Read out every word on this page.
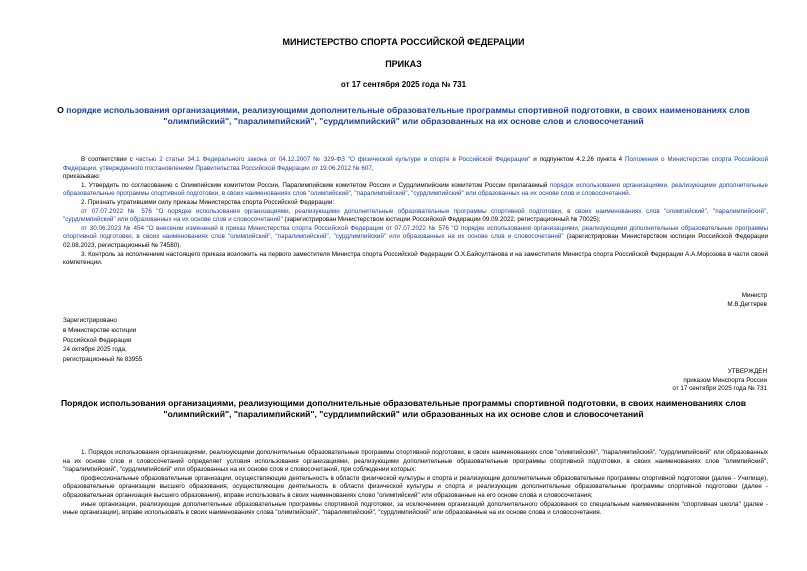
МИНИСТЕРСТВО СПОРТА РОССИЙСКОЙ ФЕДЕРАЦИИ
ПРИКАЗ
от 17 сентября 2025 года № 731
О порядке использования организациями, реализующими дополнительные образовательные программы спортивной подготовки, в своих наименованиях слов "олимпийский", "паралимпийский", "сурдлимпийский" или образованных на их основе слов и словосочетаний

В соответствии с частью 2 статьи 34.1 Федерального закона от 04.12.2007 № 329-ФЗ "О физической культуре и спорте в Российской Федерации" и подпунктом 4.2.26 пункта 4 Положения о Министерстве спорта Российской Федерации, утвержденного постановлением Правительства Российской Федерации от 19.06.2012 № 607,

приказываю:

1. Утвердить по согласованию с Олимпийским комитетом России, Паралимпийским комитетом России и Сурдлимпийским комитетом России прилагаемый порядок использования организациями, реализующими дополнительные образовательные программы спортивной подготовки, в своих наименованиях слов "олимпийский", "паралимпийский", "сурдлимпийский" или образованных на их основе слов и словосочетаний.

2. Признать утратившими силу приказы Министерства спорта Российской Федерации:

от 07.07.2022 № 576 "О порядке использования организациями, реализующими дополнительные образовательные программы спортивной подготовки, в своих наименованиях слов "олимпийский", "паралимпийский", "сурдлимпийский" или образованных на их основе слов и словосочетаний" (зарегистрирован Министерством юстиции Российской Федерации 09.09.2022, регистрационный № 70025);

от 30.06.2023 № 454 "О внесении изменений в приказ Министерства спорта Российской Федерации от 07.07.2022 № 576 "О порядке использования организациями, реализующими дополнительные образовательные программы спортивной подготовки, в своих наименованиях слов "олимпийский", "паралимпийский", "сурдлимпийский" или образованных на их основе слов и словосочетаний" (зарегистрирован Министерством юстиции Российской Федерации 02.08.2023, регистрационный № 74580).

3. Контроль за исполнением настоящего приказа возложить на первого заместителя Министра спорта Российской Федерации О.Х.Байсултанова и на заместителя Министра спорта Российской Федерации А.А.Морозова в части своей компетенции.

Министр
М.В.Дегтярев
Зарегистрировано
в Министерстве юстиции
Российской Федерации
24 октября 2025 года,
регистрационный № 83955
УТВЕРЖДЕН
приказом Минспорта России
от 17 сентября 2025 года № 731
Порядок использования организациями, реализующими дополнительные образовательные программы спортивной подготовки, в своих наименованиях слов "олимпийский", "паралимпийский", "сурдлимпийский" или образованных на их основе слов и словосочетаний

1. Порядок использования организациями, реализующими дополнительные образовательные программы спортивной подготовки, в своих наименованиях слов "олимпийский", "паралимпийский", "сурдлимпийский" или образованных на их основе слов и словосочетаний определяет условия использования организациями, реализующими дополнительные образовательные программы спортивной подготовки, в своих наименованиях слов "олимпийский", "паралимпийский", "сурдлимпийский" или образованных на их основе слов и словосочетаний, при соблюдении которых:

профессиональные образовательные организации, осуществляющие деятельность в области физической культуры и спорта и реализующие дополнительные образовательные программы спортивной подготовки (далее - Училище), образовательные организации высшего образования, осуществляющие деятельность в области физической культуры и спорта и реализующие дополнительные образовательные программы спортивной подготовки (далее - образовательная организация высшего образования), вправе использовать в своих наименованиях слово "олимпийский" или образованные на его основе слова и словосочетания;

иные организации, реализующие дополнительные образовательные программы спортивной подготовки, за исключением организаций дополнительного образования со специальным наименованием "спортивная школа" (далее - иные организации), вправе использовать в своих наименованиях слова "олимпийский", "паралимпийский", "сурдлимпийский" или образованные на их основе слова и словосочетания.
